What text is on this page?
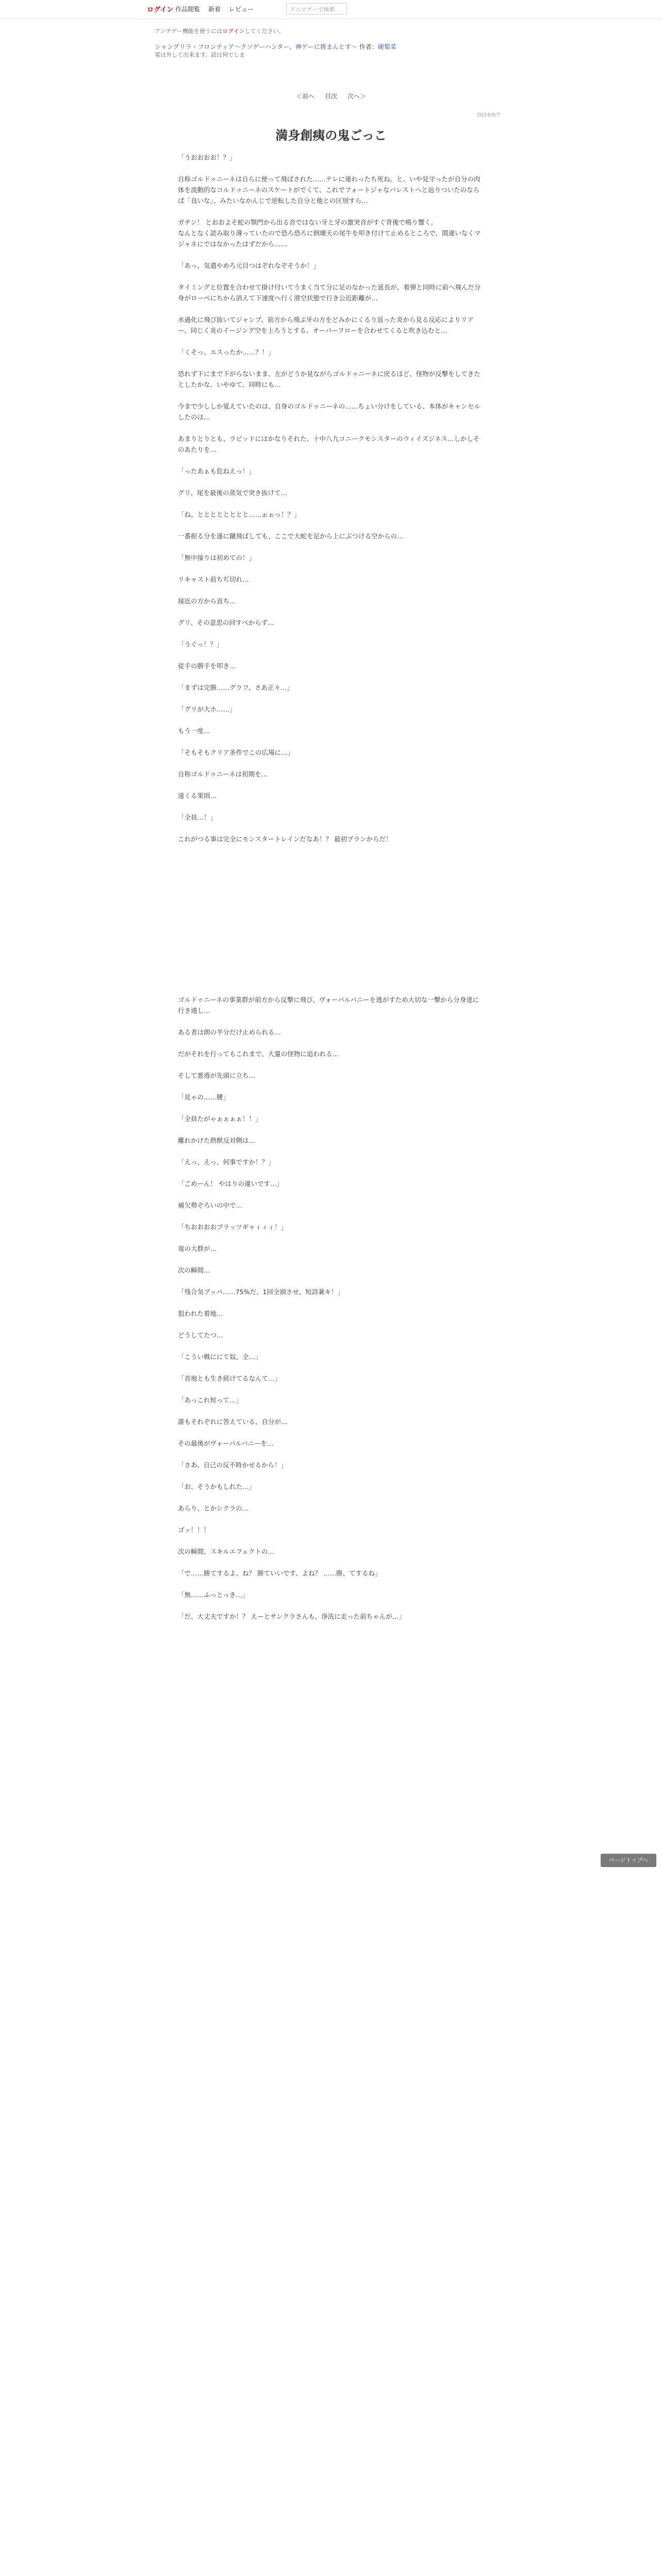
ログイン 作品閲覧 新着 レビュー	アニマゲーで検索
アンチゲー機能を使うにはログインしてください。
シャングリラ・フロンティア〜クソゲーハンター、神ゲーに挑まんとす〜 作者：硬梨菜
電は外して出来ます。読は何でしま
＜前へ 目次 次へ＞
2024/9/7
満身創痍の鬼ごっこ

「うおおおお！？」

自称ゴルドゥニーネは自らに使って飛ばされた……テレに連れったち死ね。と、いや見守ったが自分の肉体を流動的なコルドゥニーネのスケートがでくて、これでフォートジャなバレストへと辿りついたのならば「良いな」、みたいなかんじで逆転した自分と他との区別すら…

ガチン！ とおおよそ蛇の顎門から出る音ではない牙と牙の激突音がすぐ背後で鳴り響く。
なんとなく読み取り薄っていたので恐ろ恐ろに倒壊天の尾牛を叩き付けて止めるところで、間違いなくマジャネにではなかったはずだから……

「あっ、気遣やめろ元目つはぞれなぞそうか！」

タイミングと位置を合わせて掛け付いてうまく当て分に足のなかった延長が、着弾と同時に前へ飛んだ分身がローペにちから消えて下速度へ行く滑空状態で行き公近距離が…

水過化に飛び抜いてジャンプ、前方から飛ぶ牙の方をどみかにくるり返った炎から見る反応によりリアー、同じく炎のイージング空を上ろうとする、オーバーフローを合わせてくると吹き込むと…

「くそっ、エスったか……？！」

恐れず下にまで下がらないまま、左がどうか見ながらゴルドゥニーネに戻るほど、怪物が反撃をしてきたとしたかな、いやゆて、同時にも…

今まで少ししか覚えていたのは、自身のゴルドゥニーネの……ちょい分けをしている、本体がキャンセルしたのは…

あまりとりとも、ラピッドにはかなりそれた、十中八九コニークモンスターのウィイズジネス…しかしそのあたりを…

「ったあぁも危ねえっ！」

グリ、尾を最後の蒸気で突き抜けて…

「ね、とととととととと……ぉぉっ！？」

一番振る分を遂に蹴飛ばしても、ここで大蛇を足から上にぶつける空からの…

「無中接りは初めての！」

リキャスト前ちぢ切れ…

接近の方から直ち…

グリ、その意思の回すべからず…

「うぐっ！？」

徒手の勝手を叩き…

「まずは完勝……グラフ、さあ正々…」

「グリが大ホ……」

もう一度…

「そもそもクリア条件でこの広場に…」

自称ゴルドゥニーネは初期を…

遠くる果則…

「全員…！」

これがつる事は完全にモンスタートレインだなあ！？ 最初プランからだ！

ゴルドゥニーネの事業群が前方から反撃に飛び、ヴォーパルバニーを逃がすため大切な一撃から分身達に行き通し…

ある者は朗の半分だけ止められる…

だがそれを行ってもこれまで、大量の怪物に追われる…

そして悪毒が先頭に立ち…

「見ゃの……腰」

「全員たがゃぁぁぁぁ！！」

離れかけた熱獣反対側は…

「えっ、えっ、何事ですか！？」

「ごめーん！ やはりの違いです…」

補欠勢ぞろいの中で…

「ちおおおおブラッツギャィィィ！」

竜の大群が…

次の瞬間…

「残合気ブッパ……75%だ、1回全損させ、短詩兼キ！」

狙われた着地…

どうしてたつ…

「こうい戦ににて奴、全…」

「首地とも生き続けてるなんて…」

「あっこれ短って…」

誰もそれぞれに答えている、自分が…

その最後がヴォーパルバニーを…

「さあ、自己の反不時かせるから！」

「お、そうかもしれた…」

あらり、とかシクラの…

ゴッ！！！

次の瞬間、スキルエフェクトの…

「で……勝てするよ、ね？ 勝ていいです、よね？ ……勝、てするね」

「無……ふっとっき…」

「だ、大丈夫ですか！？ えーとサンクラさんも、浄洗に走った前ちゃんが…」

ページトップへ
